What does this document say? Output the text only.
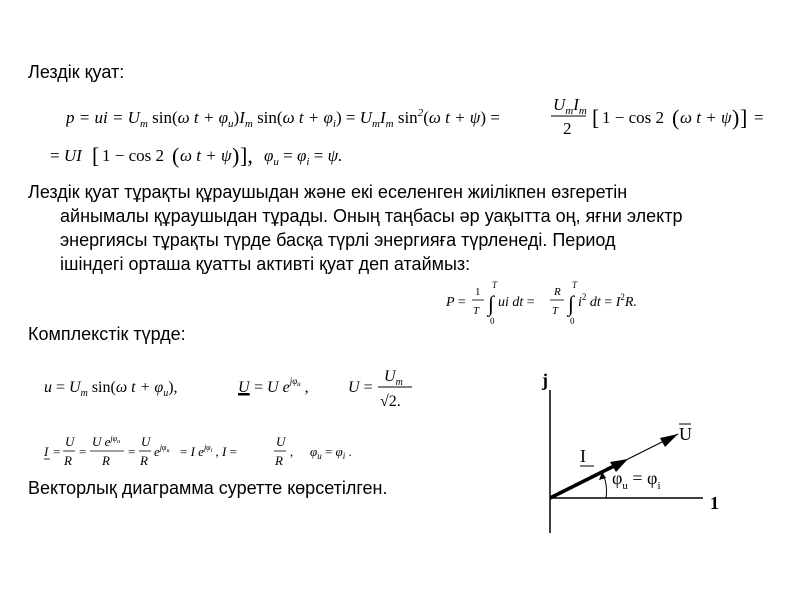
Лездік қуат:
p = ui = $U_m$ sin(ω $t + \varphi_u)I_m$ sin(ω $t + \varphi_i) = U_mI_m$ $\sin^2(\omega$ t + ψ) =
$U_mI_m$
2 [ 1 − cos 2 ( ω t + ψ ) ] =
= UI [ 1 − cos 2 ( ω t + ψ ) ], $\varphi_u = \varphi_i = \psi$.
Лездік қуат тұрақты құраушыдан және екі еселенген жиілікпен өзгеретін
айнымалы құраушыдан тұрады. Оның таңбасы әр уақытта оң, яғни электр
энергиясы тұрақты түрде басқа түрлі энергияға түрленеді. Период
ішіндегі орташа қуатты активті қуат деп атаймыз:
P =
1
T ∫
T
0
ui dt =
R
T ∫
T
0
$i^2$ dt = $I^2R$.
Комплекстік түрде:
$u = U_m$ sin(ω $t + \varphi_u$),	U = U $e^{j\varphi}u$ , U =
$U_m$
√2.
I =
U
R
=
U $e^{j\varphi}u$
R
=
U
R
$e^{j\varphi}u = I$ $e^{j\varphi}i$ , I =
U
R
, $\varphi_u = \varphi_i$ .
Векторлық диаграмма суретте көрсетілген.
j
1
U
I
$\varphi_u = \varphi_i$
